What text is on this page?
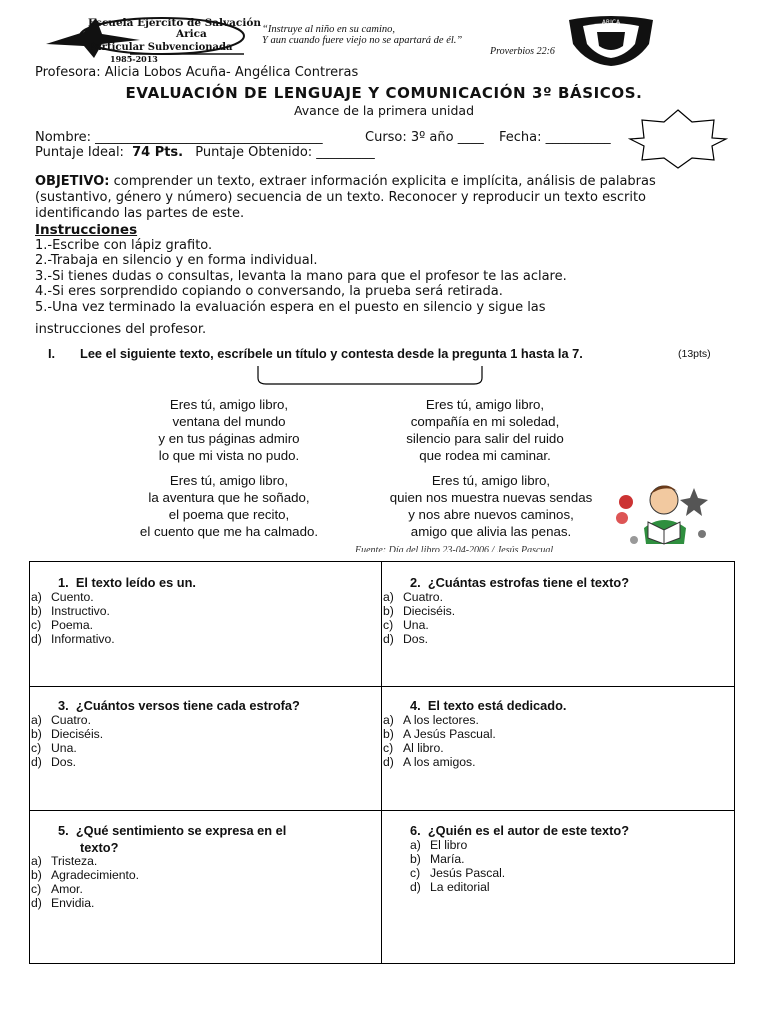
Escuela Ejército de Salvación
Arica
Particular Subvencionada
1985-2013
“Instruye al niño en su camino,
Y aun cuando fuere viejo no se apartará de él.”
Proverbios 22:6
ARICA
Profesora: Alicia Lobos Acuña- Angélica Contreras
EVALUACIÓN DE LENGUAJE Y COMUNICACIÓN 3º BÁSICOS.
Avance de la primera unidad
Nombre: ___________________________________	Curso: 3º año ____ Fecha: __________
Puntaje Ideal: 74 Pts. Puntaje Obtenido: _________
OBJETIVO: comprender un texto, extraer información explicita e implícita, análisis de palabras
(sustantivo, género y número) secuencia de un texto. Reconocer y reproducir un texto escrito
identificando las partes de este.
Instrucciones
1.-Escribe con lápiz grafito.
2.-Trabaja en silencio y en forma individual.
3.-Si tienes dudas o consultas, levanta la mano para que el profesor te las aclare.
4.-Si eres sorprendido copiando o conversando, la prueba será retirada.
5.-Una vez terminado la evaluación espera en el puesto en silencio y sigue las
instrucciones del profesor.
I. Lee el siguiente texto, escríbele un título y contesta desde la pregunta 1 hasta la 7.	(13pts)
Eres tú, amigo libro,
ventana del mundo
y en tus páginas admiro
lo que mi vista no pudo.
Eres tú, amigo libro,
compañía en mi soledad,
silencio para salir del ruido
que rodea mi caminar.
Eres tú, amigo libro,
la aventura que he soñado,
el poema que recito,
el cuento que me ha calmado.
Eres tú, amigo libro,
quien nos muestra nuevas sendas
y nos abre nuevos caminos,
amigo que alivia las penas.
Fuente: Día del libro 23-04-2006 / Jesús Pascual
1. El texto leído es un.
a) Cuento.
b) Instructivo.
c) Poema.
d) Informativo.
2. ¿Cuántas estrofas tiene el texto?
a) Cuatro.
b) Dieciséis.
c) Una.
d) Dos.
3. ¿Cuántos versos tiene cada estrofa?
a) Cuatro.
b) Dieciséis.
c) Una.
d) Dos.
4. El texto está dedicado.
a) A los lectores.
b) A Jesús Pascual.
c) Al libro.
d) A los amigos.
5. ¿Qué sentimiento se expresa en el
texto?
a) Tristeza.
b) Agradecimiento.
c) Amor.
d) Envidia.
6. ¿Quién es el autor de este texto?
a) El libro
b) María.
c) Jesús Pascal.
d) La editorial
